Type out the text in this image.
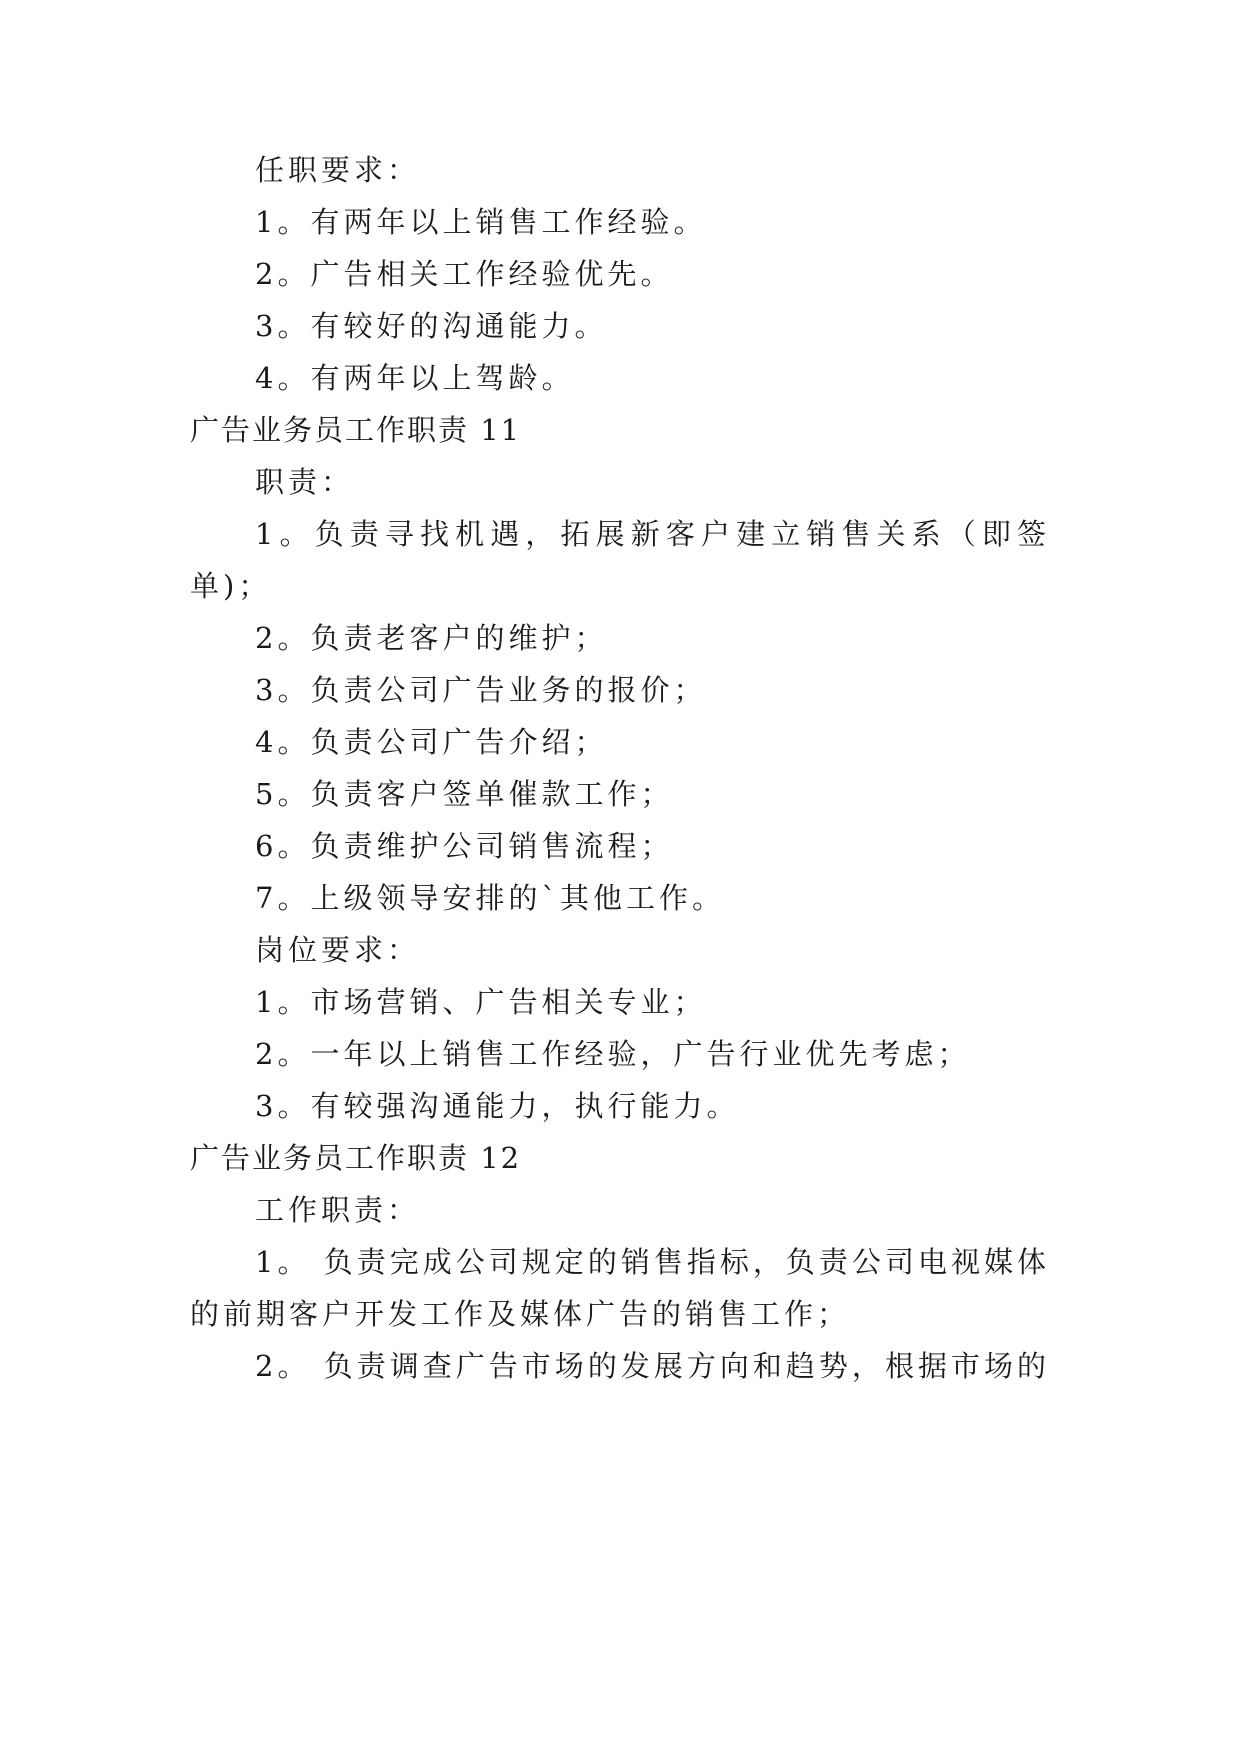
任职要求：
1。有两年以上销售工作经验。
2。广告相关工作经验优先。
3。有较好的沟通能力。
4。有两年以上驾龄。
广告业务员工作职责 11
职责：
1。负责寻找机遇，拓展新客户建立销售关系（即签
单)；
2。负责老客户的维护；
3。负责公司广告业务的报价；
4。负责公司广告介绍；
5。负责客户签单催款工作；
6。负责维护公司销售流程；
7。上级领导安排的`其他工作。
岗位要求：
1。市场营销、广告相关专业；
2。一年以上销售工作经验，广告行业优先考虑；
3。有较强沟通能力，执行能力。
广告业务员工作职责 12
工作职责：
1。 负责完成公司规定的销售指标，负责公司电视媒体
的前期客户开发工作及媒体广告的销售工作；
2。 负责调查广告市场的发展方向和趋势，根据市场的
